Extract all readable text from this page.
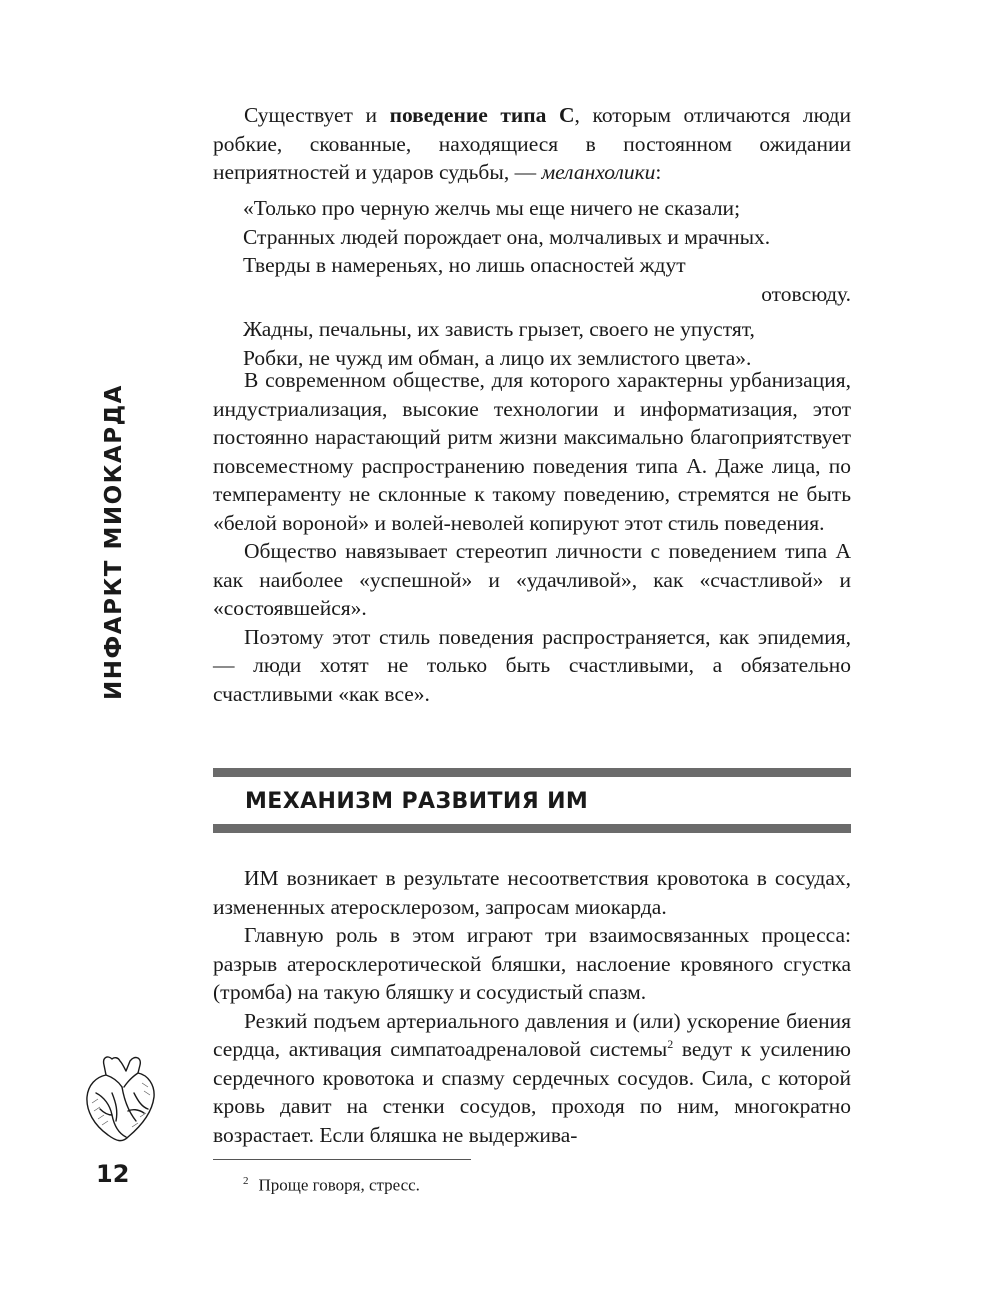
ИНФАРКТ МИОКАРДА

Существует и поведение типа С, которым отличаются люди робкие, скованные, находящиеся в постоянном ожидании неприятностей и ударов судьбы, — меланхолики:

«Только про черную желчь мы еще ничего не сказали;
Странных людей порождает она, молчаливых и мрачных.
Тверды в намереньях, но лишь опасностей ждут
отовсюду.
Жадны, печальны, их зависть грызет, своего не упустят,
Робки, не чужд им обман, а лицо их землистого цвета».

В современном обществе, для которого характерны урбанизация, индустриализация, высокие технологии и информатизация, этот постоянно нарастающий ритм жизни максимально благоприятствует повсеместному распространению поведения типа А. Даже лица, по темпераменту не склонные к такому поведению, стремятся не быть «белой вороной» и волей-неволей копируют этот стиль поведения.

Общество навязывает стереотип личности с поведением типа А как наиболее «успешной» и «удачливой», как «счастливой» и «состоявшейся».

Поэтому этот стиль поведения распространяется, как эпидемия, — люди хотят не только быть счастливыми, а обязательно счастливыми «как все».

МЕХАНИЗМ РАЗВИТИЯ ИМ

ИМ возникает в результате несоответствия кровотока в сосудах, измененных атеросклерозом, запросам миокарда.

Главную роль в этом играют три взаимосвязанных процесса: разрыв атеросклеротической бляшки, наслоение кровяного сгустка (тромба) на такую бляшку и сосудистый спазм.

Резкий подъем артериального давления и (или) ускорение биения сердца, активация симпатоадреналовой системы$^2$ ведут к усилению сердечного кровотока и спазму сердечных сосудов. Сила, с которой кровь давит на стенки сосудов, проходя по ним, многократно возрастает. Если бляшка не выдержива-

12	$^2$ Проще говоря, стресс.
